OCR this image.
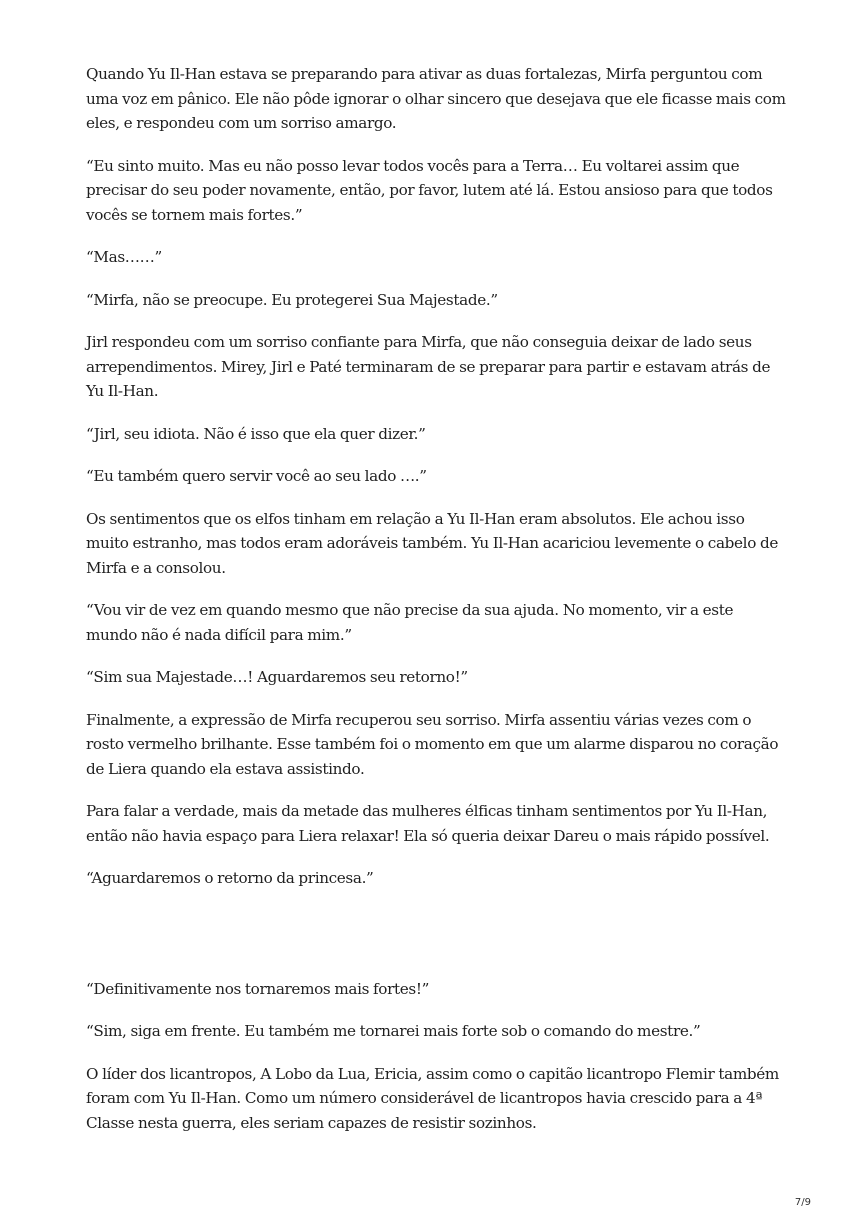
Quando Yu Il-Han estava se preparando para ativar as duas fortalezas, Mirfa perguntou com uma voz em pânico. Ele não pôde ignorar o olhar sincero que desejava que ele ficasse mais com eles, e respondeu com um sorriso amargo.

“Eu sinto muito. Mas eu não posso levar todos vocês para a Terra… Eu voltarei assim que precisar do seu poder novamente, então, por favor, lutem até lá. Estou ansioso para que todos vocês se tornem mais fortes.”

“Mas……”

“Mirfa, não se preocupe. Eu protegerei Sua Majestade.”

Jirl respondeu com um sorriso confiante para Mirfa, que não conseguia deixar de lado seus arrependimentos. Mirey, Jirl e Paté terminaram de se preparar para partir e estavam atrás de Yu Il-Han.

“Jirl, seu idiota. Não é isso que ela quer dizer.”

“Eu também quero servir você ao seu lado ….”

Os sentimentos que os elfos tinham em relação a Yu Il-Han eram absolutos. Ele achou isso muito estranho, mas todos eram adoráveis também. Yu Il-Han acariciou levemente o cabelo de Mirfa e a consolou.

“Vou vir de vez em quando mesmo que não precise da sua ajuda. No momento, vir a este mundo não é nada difícil para mim.”

“Sim sua Majestade…! Aguardaremos seu retorno!”

Finalmente, a expressão de Mirfa recuperou seu sorriso. Mirfa assentiu várias vezes com o rosto vermelho brilhante. Esse também foi o momento em que um alarme disparou no coração de Liera quando ela estava assistindo.

Para falar a verdade, mais da metade das mulheres élficas tinham sentimentos por Yu Il-Han, então não havia espaço para Liera relaxar! Ela só queria deixar Dareu o mais rápido possível.

“Aguardaremos o retorno da princesa.”

“Definitivamente nos tornaremos mais fortes!”

“Sim, siga em frente. Eu também me tornarei mais forte sob o comando do mestre.”

O líder dos licantropos, A Lobo da Lua, Ericia, assim como o capitão licantropo Flemir também foram com Yu Il-Han. Como um número considerável de licantropos havia crescido para a 4ª Classe nesta guerra, eles seriam capazes de resistir sozinhos.

7/9
